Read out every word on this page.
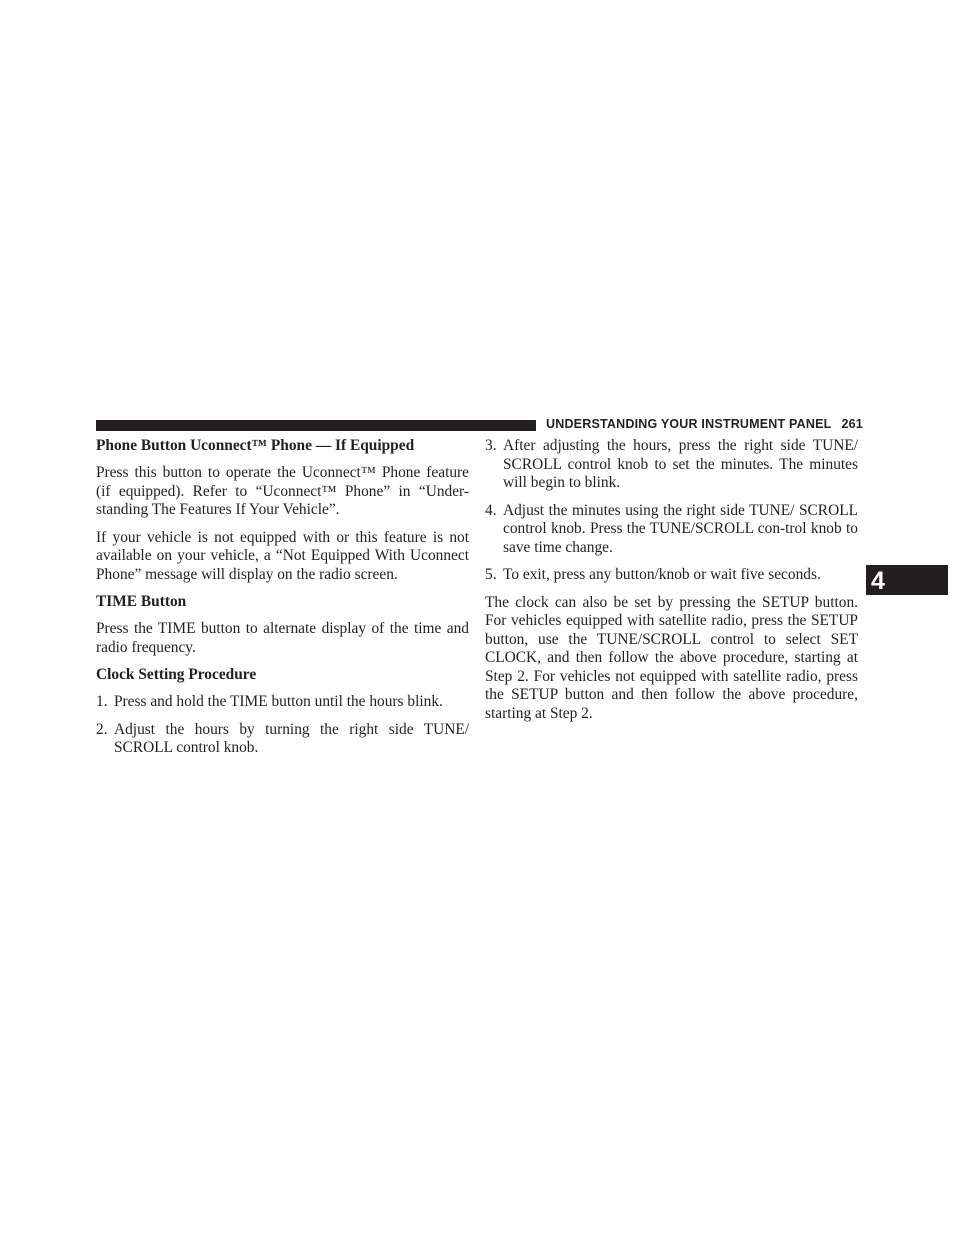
UNDERSTANDING YOUR INSTRUMENT PANEL 261
4
Phone Button Uconnect™ Phone — If Equipped
Press this button to operate the Uconnect™ Phone feature (if equipped). Refer to “Uconnect™ Phone” in “Under-standing The Features If Your Vehicle”.
If your vehicle is not equipped with or this feature is not available on your vehicle, a “Not Equipped With Uconnect Phone” message will display on the radio screen.
TIME Button
Press the TIME button to alternate display of the time and radio frequency.
Clock Setting Procedure
1. Press and hold the TIME button until the hours blink.
2. Adjust the hours by turning the right side TUNE/ SCROLL control knob.
3. After adjusting the hours, press the right side TUNE/ SCROLL control knob to set the minutes. The minutes will begin to blink.
4. Adjust the minutes using the right side TUNE/ SCROLL control knob. Press the TUNE/SCROLL con-trol knob to save time change.
5. To exit, press any button/knob or wait five seconds.
The clock can also be set by pressing the SETUP button. For vehicles equipped with satellite radio, press the SETUP button, use the TUNE/SCROLL control to select SET CLOCK, and then follow the above procedure, starting at Step 2. For vehicles not equipped with satellite radio, press the SETUP button and then follow the above procedure, starting at Step 2.
